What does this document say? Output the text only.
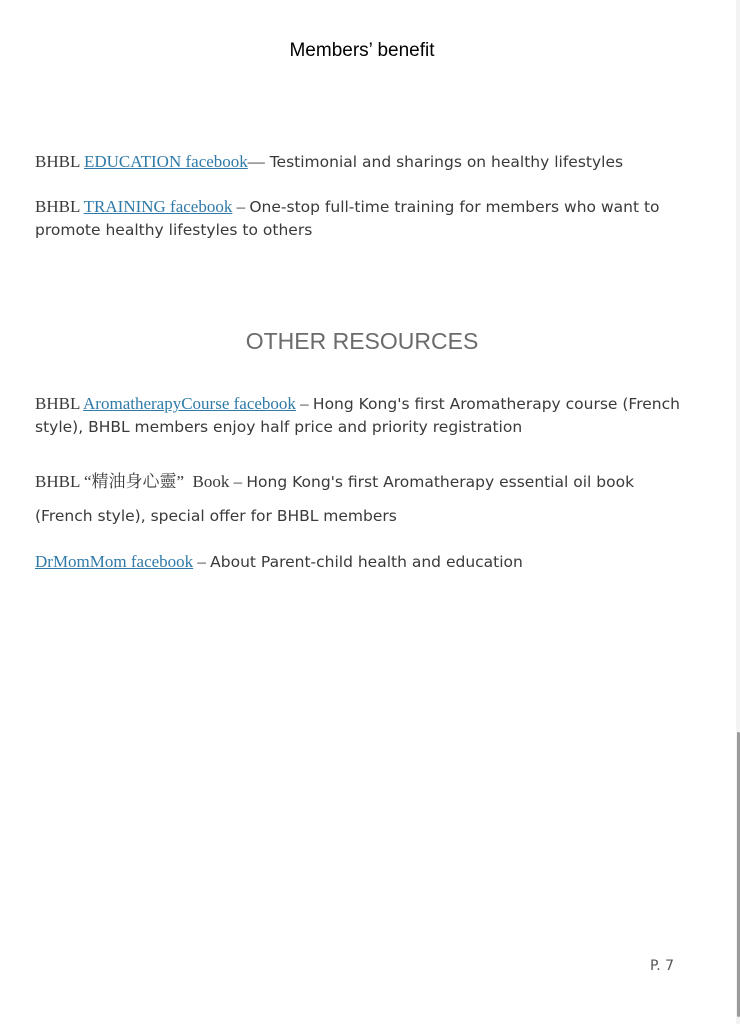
Members’ benefit
BHBL EDUCATION facebook— Testimonial and sharings on healthy lifestyles
BHBL TRAINING facebook – One-stop full-time training for members who want to promote healthy lifestyles to others
OTHER RESOURCES
BHBL AromatherapyCourse facebook – Hong Kong's first Aromatherapy course (French style), BHBL members enjoy half price and priority registration
BHBL “精油身心靈”  Book – Hong Kong's first Aromatherapy essential oil book
(French style), special offer for BHBL members
DrMomMom facebook – About Parent-child health and education
P. 7
